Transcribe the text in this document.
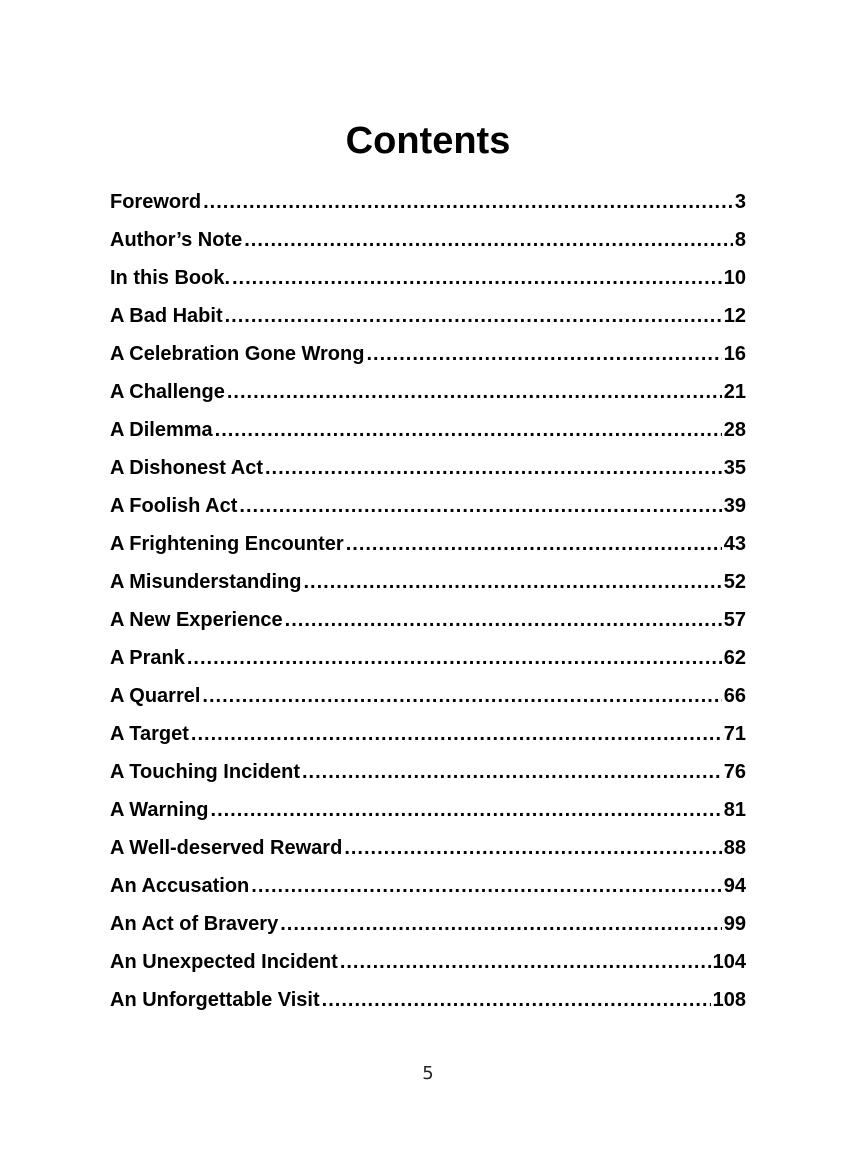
Contents
Foreword .....	3
Author’s Note .....	8
In this Book. .....	10
A Bad Habit .....	12
A Celebration Gone Wrong .....	16
A Challenge .....	21
A Dilemma .....	28
A Dishonest Act .....	35
A Foolish Act .....	39
A Frightening Encounter .....	43
A Misunderstanding .....	52
A New Experience .....	57
A Prank .....	62
A Quarrel .....	66
A Target .....	71
A Touching Incident .....	76
A Warning .....	81
A Well-deserved Reward .....	88
An Accusation .....	94
An Act of Bravery .....	99
An Unexpected Incident .....	104
An Unforgettable Visit .....	108
5
